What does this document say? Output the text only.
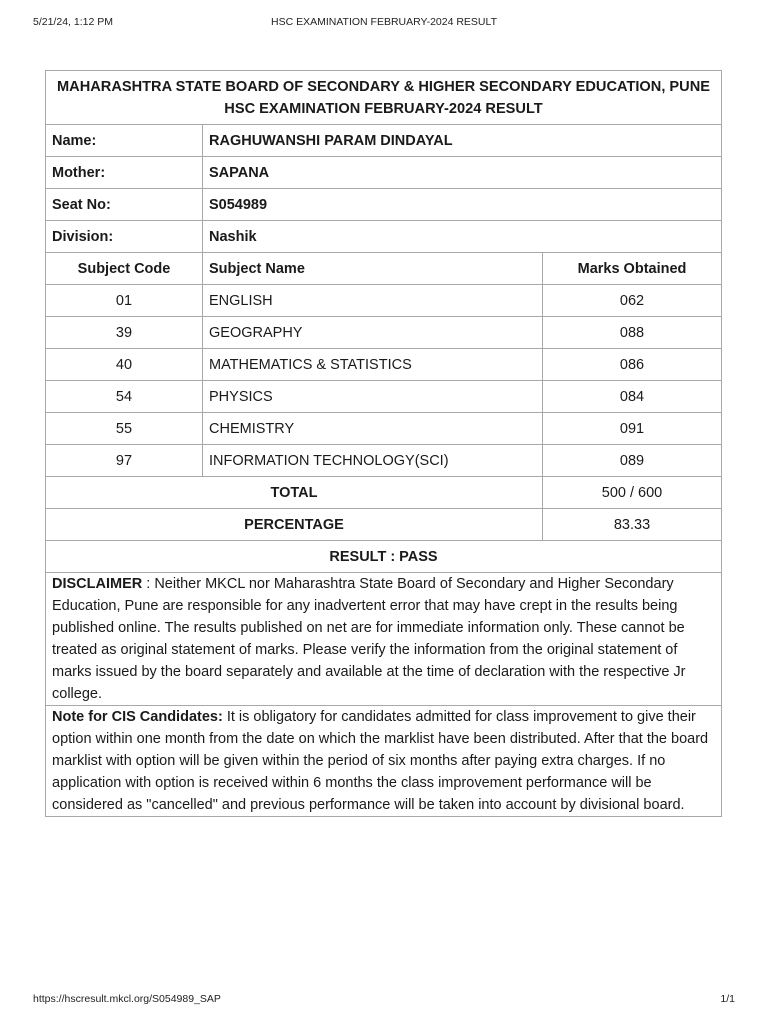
5/21/24, 1:12 PM	HSC EXAMINATION FEBRUARY-2024 RESULT
MAHARASHTRA STATE BOARD OF SECONDARY & HIGHER SECONDARY EDUCATION, PUNE
HSC EXAMINATION FEBRUARY-2024 RESULT		

Name:	RAGHUWANSHI PARAM DINDAYAL	
Mother:	SAPANA	
Seat No:	S054989	
Division:	Nashik	
Subject Code	Subject Name	Marks Obtained
01	ENGLISH	062
39	GEOGRAPHY	088
40	MATHEMATICS & STATISTICS	086
54	PHYSICS	084
55	CHEMISTRY	091
97	INFORMATION TECHNOLOGY(SCI)	089
TOTAL		500 / 600
PERCENTAGE		83.33
RESULT : PASS		
DISCLAIMER : Neither MKCL nor Maharashtra State Board of Secondary and Higher Secondary Education, Pune are responsible for any inadvertent error that may have crept in the results being published online. The results published on net are for immediate information only. These cannot be treated as original statement of marks. Please verify the information from the original statement of marks issued by the board separately and available at the time of declaration with the respective Jr college.		
Note for CIS Candidates: It is obligatory for candidates admitted for class improvement to give their option within one month from the date on which the marklist have been distributed. After that the board marklist with option will be given within the period of six months after paying extra charges. If no application with option is received within 6 months the class improvement performance will be considered as "cancelled" and previous performance will be taken into account by divisional board.		
https://hscresult.mkcl.org/S054989_SAP	1/1
